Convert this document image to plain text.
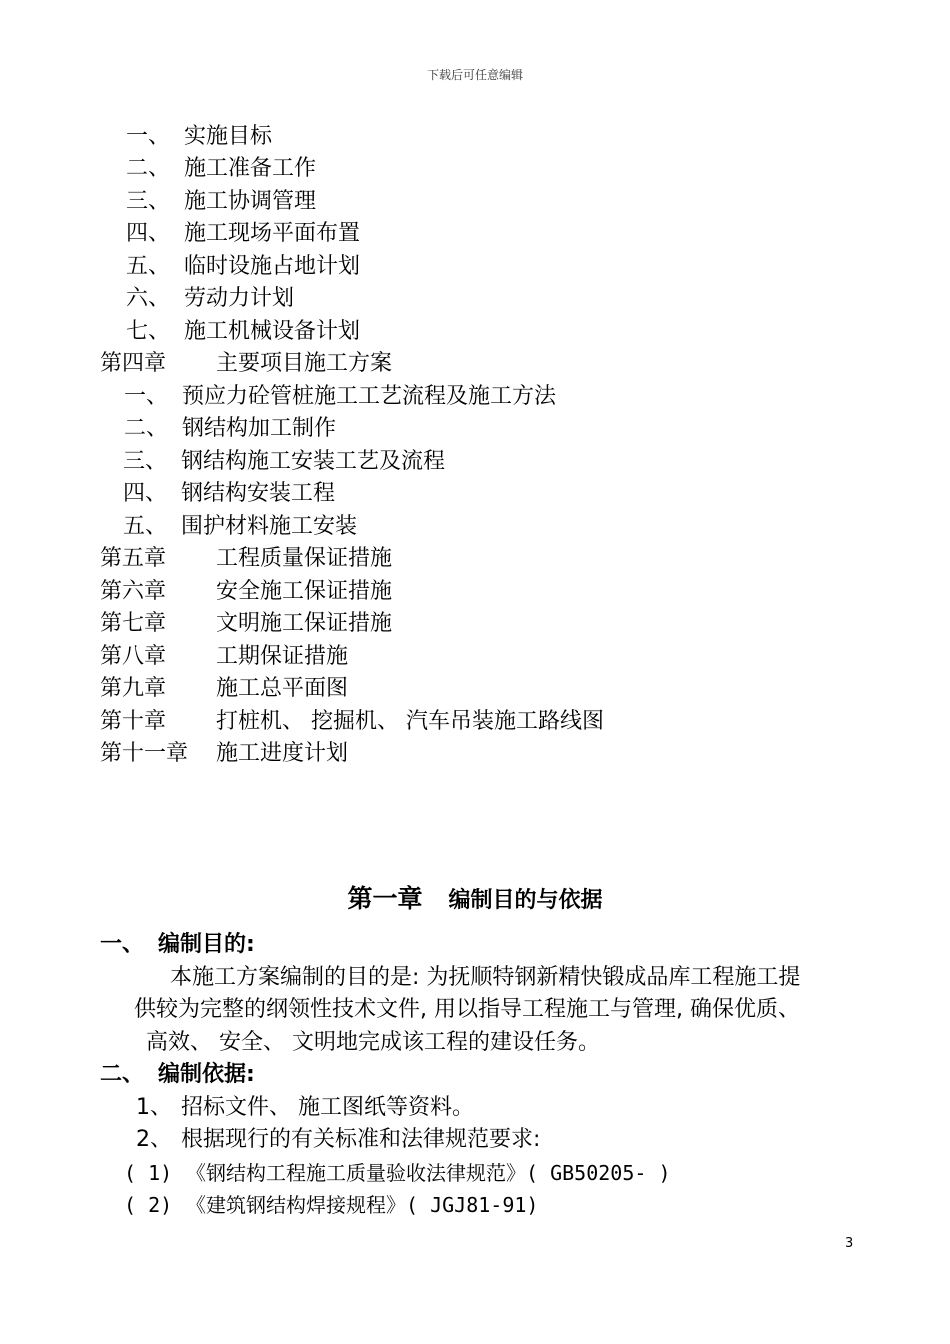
下载后可任意编辑
一、 实施目标
二、 施工准备工作
三、 施工协调管理
四、 施工现场平面布置
五、 临时设施占地计划
六、 劳动力计划
七、 施工机械设备计划
第四章 主要项目施工方案
一、 预应力砼管桩施工工艺流程及施工方法
二、 钢结构加工制作
三、 钢结构施工安装工艺及流程
四、 钢结构安装工程
五、 围护材料施工安装
第五章 工程质量保证措施
第六章 安全施工保证措施
第七章 文明施工保证措施
第八章 工期保证措施
第九章 施工总平面图
第十章 打桩机、 挖掘机、 汽车吊装施工路线图
第十一章 施工进度计划
第一章 编制目的与依据
一、 编制目的:
本施工方案编制的目的是: 为抚顺特钢新精快锻成品库工程施工提
供较为完整的纲领性技术文件, 用以指导工程施工与管理, 确保优质、
高效、 安全、 文明地完成该工程的建设任务。
二、 编制依据:
1、 招标文件、 施工图纸等资料。
2、 根据现行的有关标准和法律规范要求:
( 1) 《钢结构工程施工质量验收法律规范》( GB50205- )
( 2) 《建筑钢结构焊接规程》( JGJ81-91)
3
